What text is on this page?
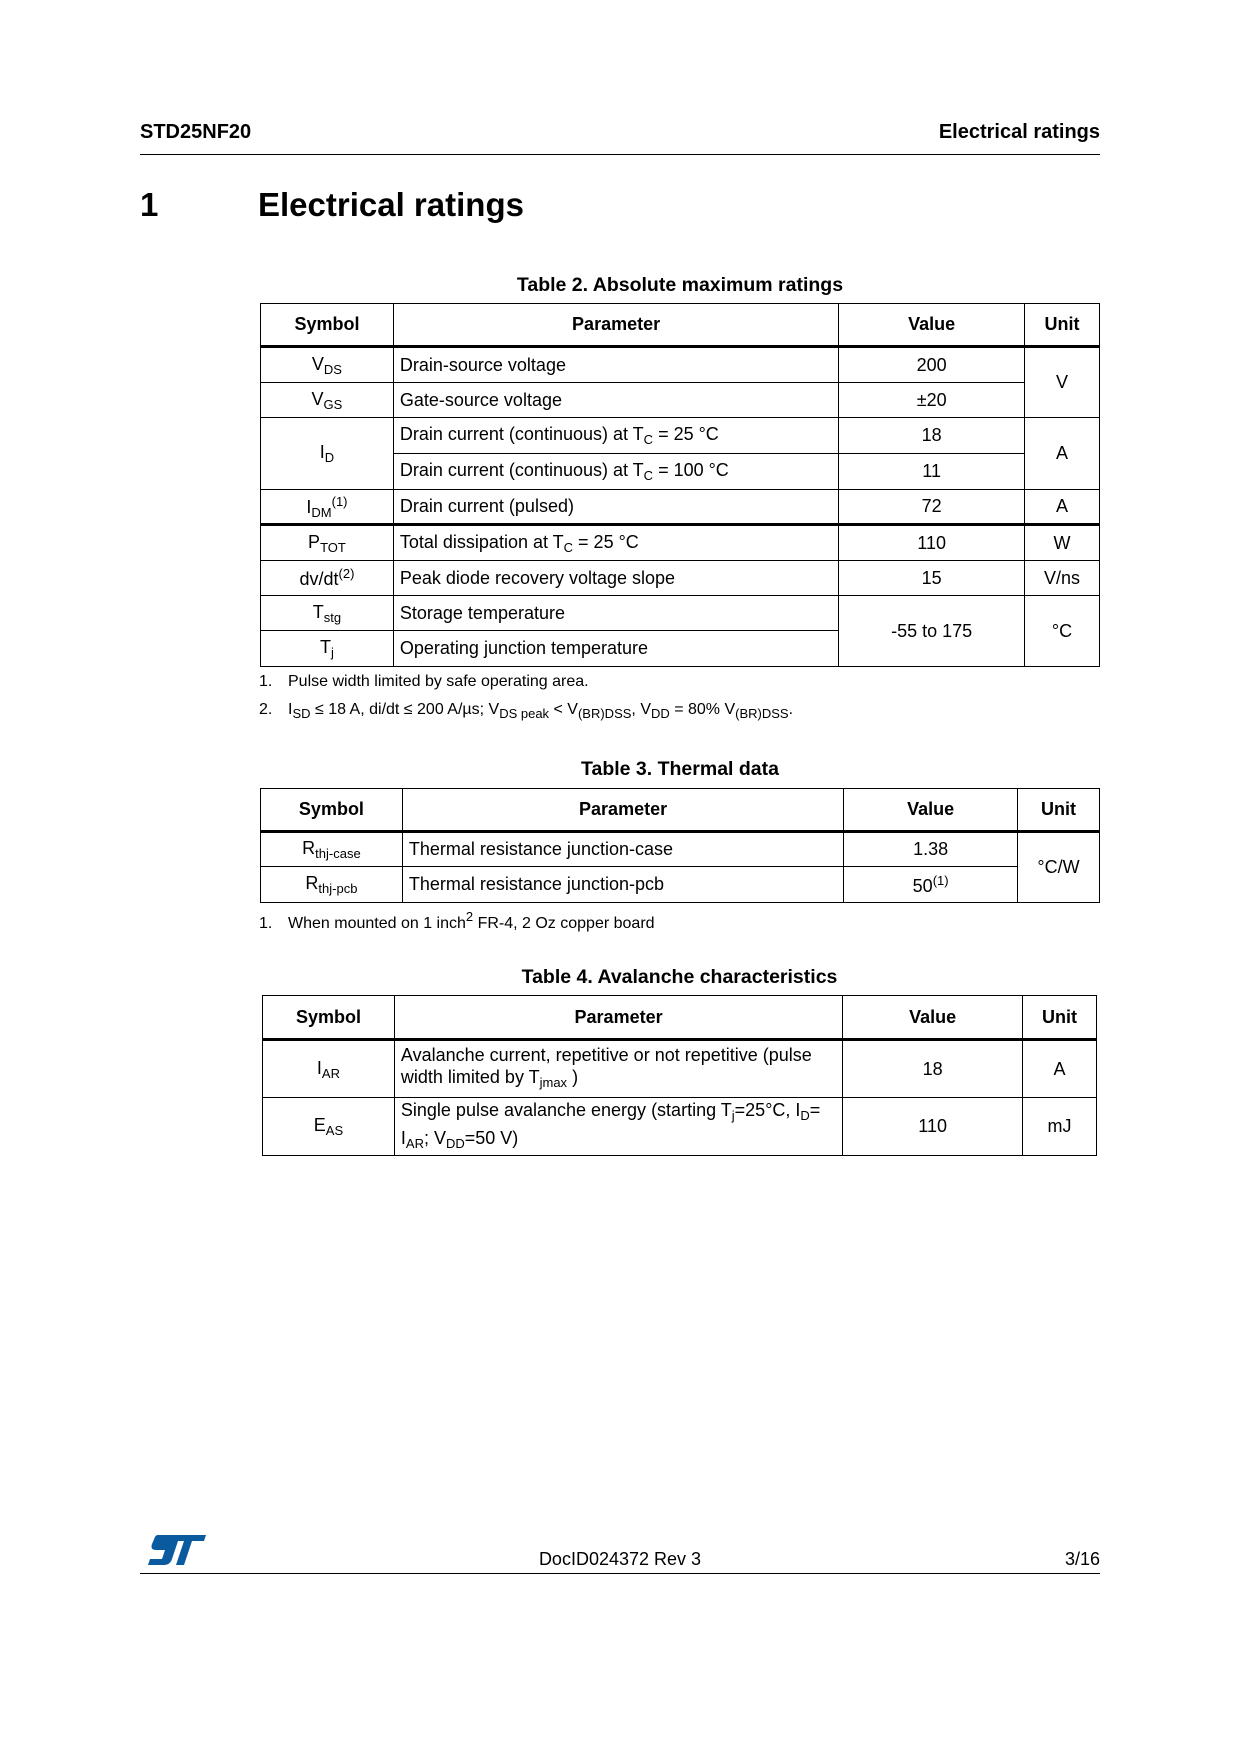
STD25NF20	Electrical ratings
1	Electrical ratings
Table 2. Absolute maximum ratings
Symbol	Parameter	Value	Unit
$V_{DS}$	Drain-source voltage	200	V
$V_{GS}$	Gate-source voltage	±20	
$I_D$	Drain current (continuous) at $T_C = 25$ °C	18	A
	Drain current (continuous) at $T_C = 100$ °C	11	
$I_{DM}^{(1)}$	Drain current (pulsed)	72	A
$P_{TOT}$	Total dissipation at $T_C = 25$ °C	110	W
$dv/dt^{(2)}$	Peak diode recovery voltage slope	15	V/ns
$T_{stg}$	Storage temperature	-55 to 175	°C
$T_j$	Operating junction temperature		
1. Pulse width limited by safe operating area.
2. $I_{SD} \le 18$ A, di/dt ≤ 200 A/µs; $V_{DS peak} < V_{(BR)DSS}$, $V_{DD} = 80\%$ $V_{(BR)DSS}$.
Table 3. Thermal data
Symbol	Parameter	Value	Unit
$R_{thj-case}$	Thermal resistance junction-case	1.38	°C/W
$R_{thj-pcb}$	Thermal resistance junction-pcb	50$^{(1)}$
1. When mounted on 1 inch$^2$ FR-4, 2 Oz copper board
Table 4. Avalanche characteristics
Symbol	Parameter	Value	Unit
$I_{AR}$	Avalanche current, repetitive or not repetitive (pulse width limited by $T_{jmax}$ )	18	A
$E_{AS}$	Single pulse avalanche energy (starting $T_j=25^\circ C$, $I_D= I_{AR}$; $V_{DD}=50$ V)	110	mJ
DocID024372 Rev 3	3/16
